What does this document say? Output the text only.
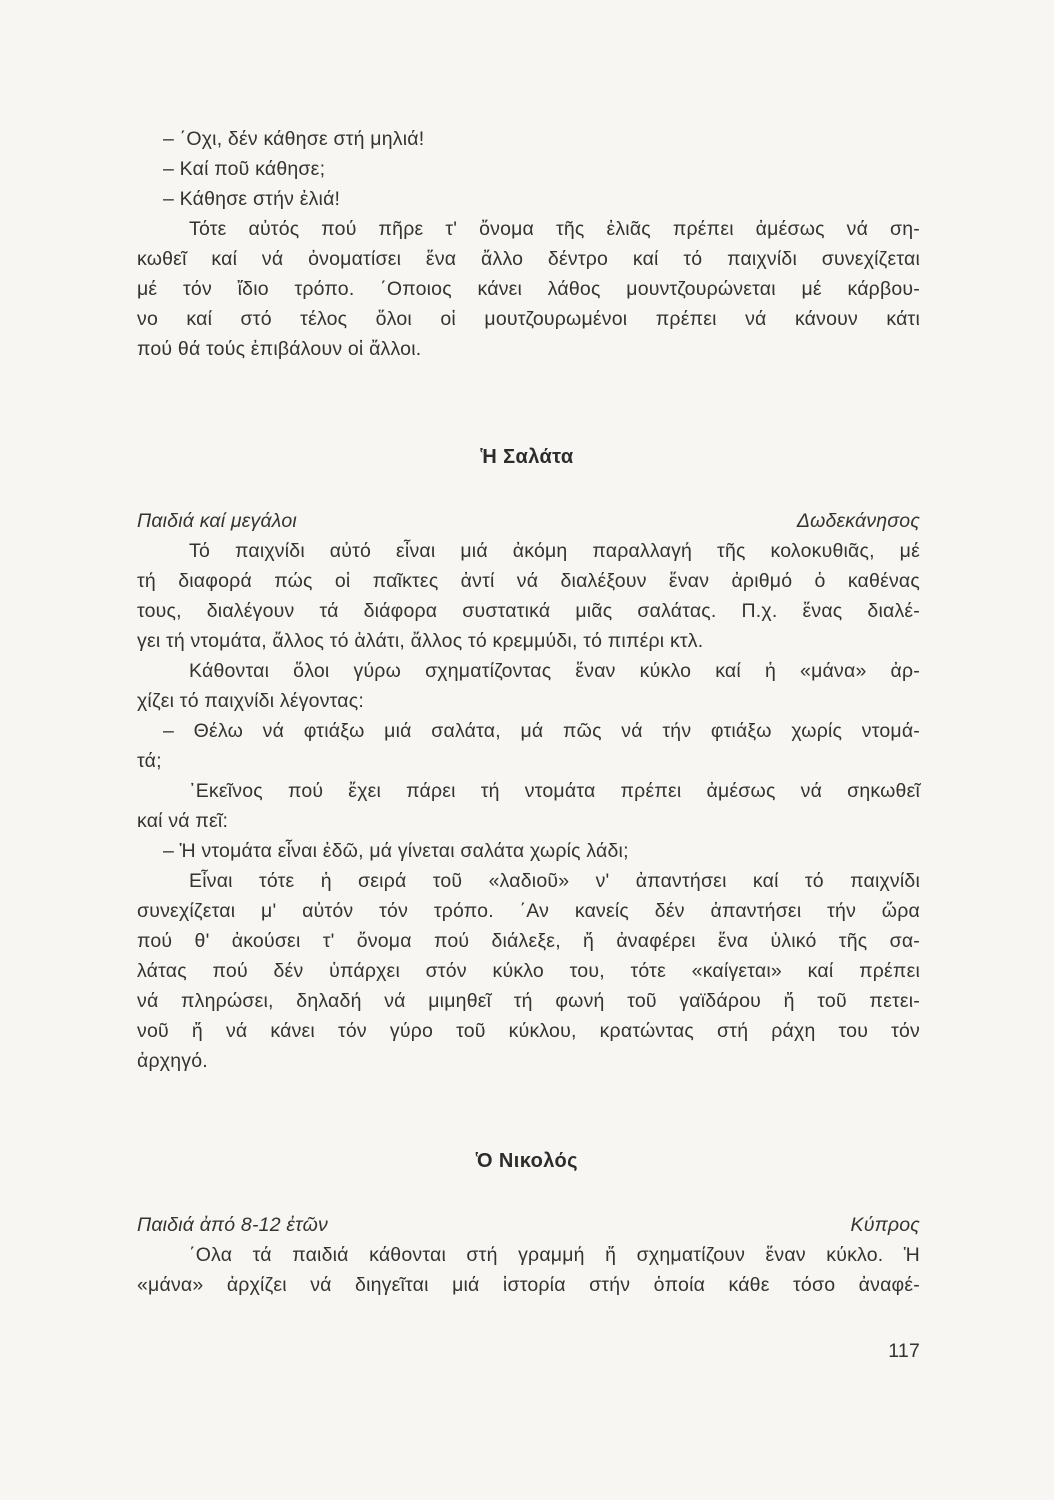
– ΄Οχι, δέν κάθησε στή μηλιά!
– Καί ποῦ κάθησε;
– Κάθησε στήν ἐλιά!
Τότε αὐτός πού πῆρε τ' ὄνομα τῆς ἐλιᾶς πρέπει ἀμέσως νά ση-
κωθεῖ καί νά ὀνοματίσει ἕνα ἄλλο δέντρο καί τό παιχνίδι συνεχίζεται
μέ τόν ἴδιο τρόπο. ΄Οποιος κάνει λάθος μουντζουρώνεται μέ κάρβου-
νο καί στό τέλος ὅλοι οἱ μουτζουρωμένοι πρέπει νά κάνουν κάτι
πού θά τούς ἐπιβάλουν οἱ ἄλλοι.
Ἡ Σαλάτα
Παιδιά καί μεγάλοι	Δωδεκάνησος
Τό παιχνίδι αὐτό εἶναι μιά ἀκόμη παραλλαγή τῆς κολοκυθιᾶς, μέ
τή διαφορά πώς οἱ παῖκτες ἀντί νά διαλέξουν ἕναν ἀριθμό ὁ καθένας
τους, διαλέγουν τά διάφορα συστατικά μιᾶς σαλάτας. Π.χ. ἕνας διαλέ-
γει τή ντομάτα, ἄλλος τό ἁλάτι, ἄλλος τό κρεμμύδι, τό πιπέρι κτλ.
Κάθονται ὅλοι γύρω σχηματίζοντας ἕναν κύκλο καί ἡ «μάνα» ἀρ-
χίζει τό παιχνίδι λέγοντας:
– Θέλω νά φτιάξω μιά σαλάτα, μά πῶς νά τήν φτιάξω χωρίς ντομά-
τά;
᾿Εκεῖνος πού ἔχει πάρει τή ντομάτα πρέπει ἀμέσως νά σηκωθεῖ
καί νά πεῖ:
– Ἡ ντομάτα εἶναι ἐδῶ, μά γίνεται σαλάτα χωρίς λάδι;
Εἶναι τότε ἡ σειρά τοῦ «λαδιοῦ» ν' ἀπαντήσει καί τό παιχνίδι
συνεχίζεται μ' αὐτόν τόν τρόπο. ΄Αν κανείς δέν ἀπαντήσει τήν ὥρα
πού θ' ἀκούσει τ' ὄνομα πού διάλεξε, ἤ ἀναφέρει ἕνα ὑλικό τῆς σα-
λάτας πού δέν ὑπάρχει στόν κύκλο του, τότε «καίγεται» καί πρέπει
νά πληρώσει, δηλαδή νά μιμηθεῖ τή φωνή τοῦ γαϊδάρου ἤ τοῦ πετει-
νοῦ ἤ νά κάνει τόν γύρο τοῦ κύκλου, κρατώντας στή ράχη του τόν
ἀρχηγό.
Ὁ Νικολός
Παιδιά ἀπό 8-12 ἐτῶν	Κύπρος
΄Ολα τά παιδιά κάθονται στή γραμμή ἤ σχηματίζουν ἕναν κύκλο. Ἡ
«μάνα» ἀρχίζει νά διηγεῖται μιά ἱστορία στήν ὁποία κάθε τόσο ἀναφέ-
117
